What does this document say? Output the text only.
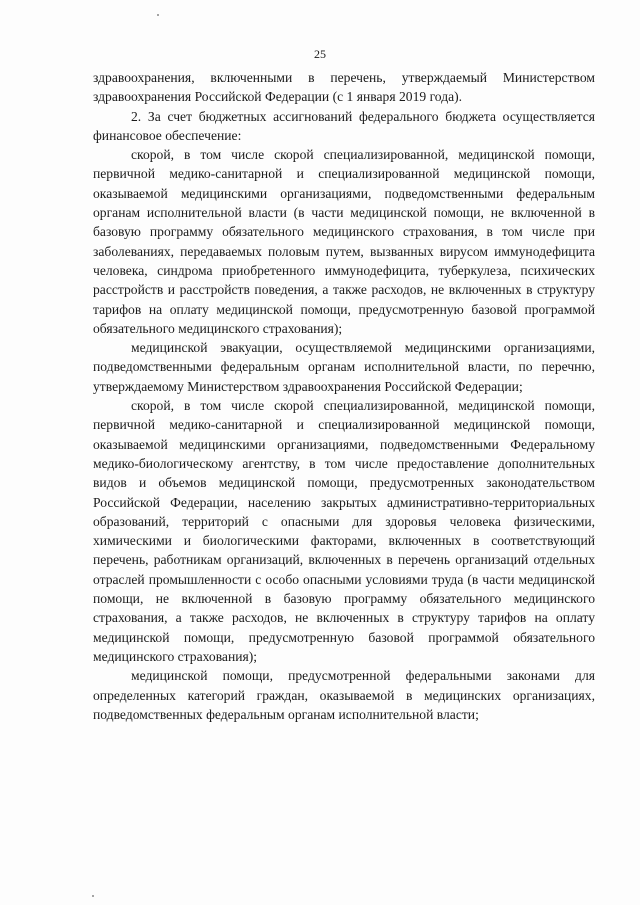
25

здравоохранения, включенными в перечень, утверждаемый Министерством здравоохранения Российской Федерации (с 1 января 2019 года).

2. За счет бюджетных ассигнований федерального бюджета осуществляется финансовое обеспечение:

скорой, в том числе скорой специализированной, медицинской помощи, первичной медико-санитарной и специализированной медицинской помощи, оказываемой медицинскими организациями, подведомственными федеральным органам исполнительной власти (в части медицинской помощи, не включенной в базовую программу обязательного медицинского страхования, в том числе при заболеваниях, передаваемых половым путем, вызванных вирусом иммунодефицита человека, синдрома приобретенного иммунодефицита, туберкулеза, психических расстройств и расстройств поведения, а также расходов, не включенных в структуру тарифов на оплату медицинской помощи, предусмотренную базовой программой обязательного медицинского страхования);

медицинской эвакуации, осуществляемой медицинскими организациями, подведомственными федеральным органам исполнительной власти, по перечню, утверждаемому Министерством здравоохранения Российской Федерации;

скорой, в том числе скорой специализированной, медицинской помощи, первичной медико-санитарной и специализированной медицинской помощи, оказываемой медицинскими организациями, подведомственными Федеральному медико-биологическому агентству, в том числе предоставление дополнительных видов и объемов медицинской помощи, предусмотренных законодательством Российской Федерации, населению закрытых административно-территориальных образований, территорий с опасными для здоровья человека физическими, химическими и биологическими факторами, включенных в соответствующий перечень, работникам организаций, включенных в перечень организаций отдельных отраслей промышленности с особо опасными условиями труда (в части медицинской помощи, не включенной в базовую программу обязательного медицинского страхования, а также расходов, не включенных в структуру тарифов на оплату медицинской помощи, предусмотренную базовой программой обязательного медицинского страхования);

медицинской помощи, предусмотренной федеральными законами для определенных категорий граждан, оказываемой в медицинских организациях, подведомственных федеральным органам исполнительной власти;
